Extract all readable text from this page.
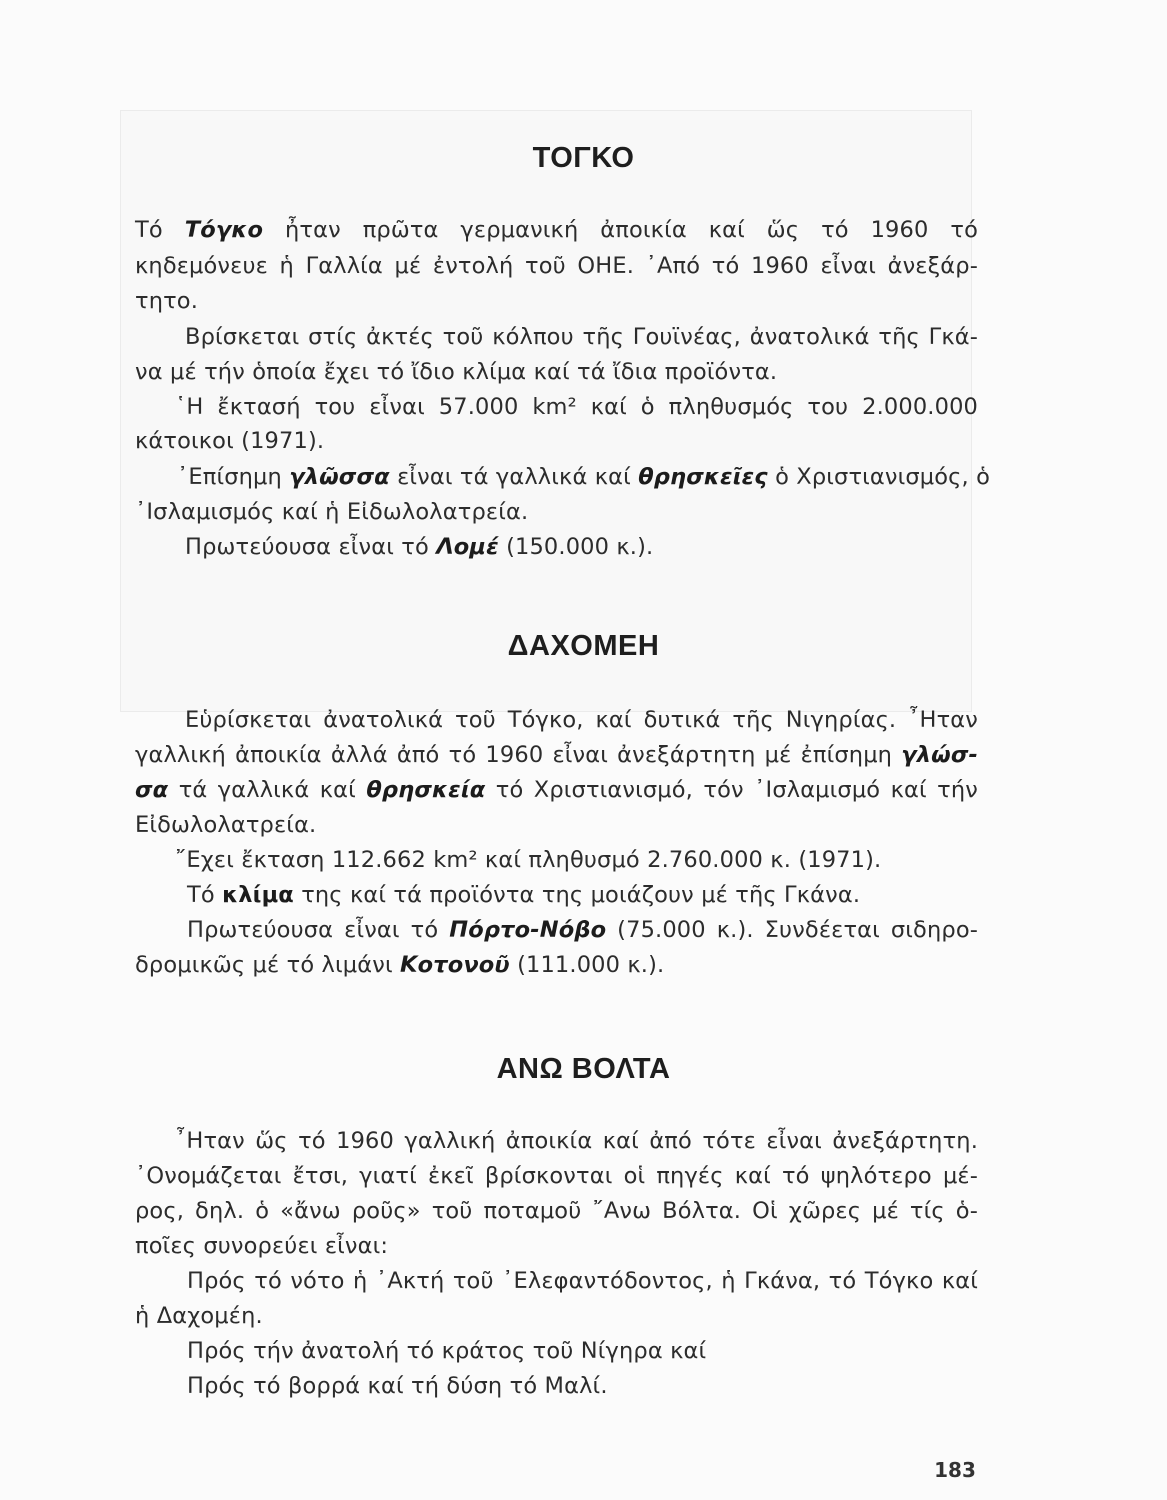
ΤΟΓΚΟ
Τό Τόγκο ἦταν πρῶτα γερμανική ἀποικία καί ὥς τό 1960 τό
κηδεμόνευε ἡ Γαλλία μέ ἐντολή τοῦ ΟΗΕ. ᾿Από τό 1960 εἶναι ἀνεξάρ-
τητο.
Βρίσκεται στίς ἀκτές τοῦ κόλπου τῆς Γουϊνέας, ἀνατολικά τῆς Γκά-
να μέ τήν ὁποία ἔχει τό ἴδιο κλίμα καί τά ἴδια προϊόντα.
῾Η ἔκτασή του εἶναι 57.000 km² καί ὁ πληθυσμός του 2.000.000
κάτοικοι (1971).
᾿Επίσημη γλῶσσα εἶναι τά γαλλικά καί θρησκεῖες ὁ Χριστιανισμός, ὁ
᾿Ισλαμισμός καί ἡ Εἰδωλολατρεία.
Πρωτεύουσα εἶναι τό Λομέ (150.000 κ.).
ΔΑΧΟΜΕΗ
Εὑρίσκεται ἀνατολικά τοῦ Τόγκο, καί δυτικά τῆς Νιγηρίας. ῏Ηταν
γαλλική ἀποικία ἀλλά ἀπό τό 1960 εἶναι ἀνεξάρτητη μέ ἐπίσημη γλώσ-
σα τά γαλλικά καί θρησκεία τό Χριστιανισμό, τόν ᾿Ισλαμισμό καί τήν
Εἰδωλολατρεία.
῎Εχει ἔκταση 112.662 km² καί πληθυσμό 2.760.000 κ. (1971).
Τό κλίμα της καί τά προϊόντα της μοιάζουν μέ τῆς Γκάνα.
Πρωτεύουσα εἶναι τό Πόρτο-Νόβο (75.000 κ.). Συνδέεται σιδηρο-
δρομικῶς μέ τό λιμάνι Κοτονοῦ (111.000 κ.).
ΑΝΩ ΒΟΛΤΑ
῏Ηταν ὥς τό 1960 γαλλική ἀποικία καί ἀπό τότε εἶναι ἀνεξάρτητη.
᾿Ονομάζεται ἔτσι, γιατί ἐκεῖ βρίσκονται οἱ πηγές καί τό ψηλότερο μέ-
ρος, δηλ. ὁ «ἄνω ροῦς» τοῦ ποταμοῦ ῎Ανω Βόλτα. Οἱ χῶρες μέ τίς ὁ-
ποῖες συνορεύει εἶναι:
Πρός τό νότο ἡ ᾿Ακτή τοῦ ᾿Ελεφαντόδοντος, ἡ Γκάνα, τό Τόγκο καί
ἡ Δαχομέη.
Πρός τήν ἀνατολή τό κράτος τοῦ Νίγηρα καί
Πρός τό βορρά καί τή δύση τό Μαλί.
183
